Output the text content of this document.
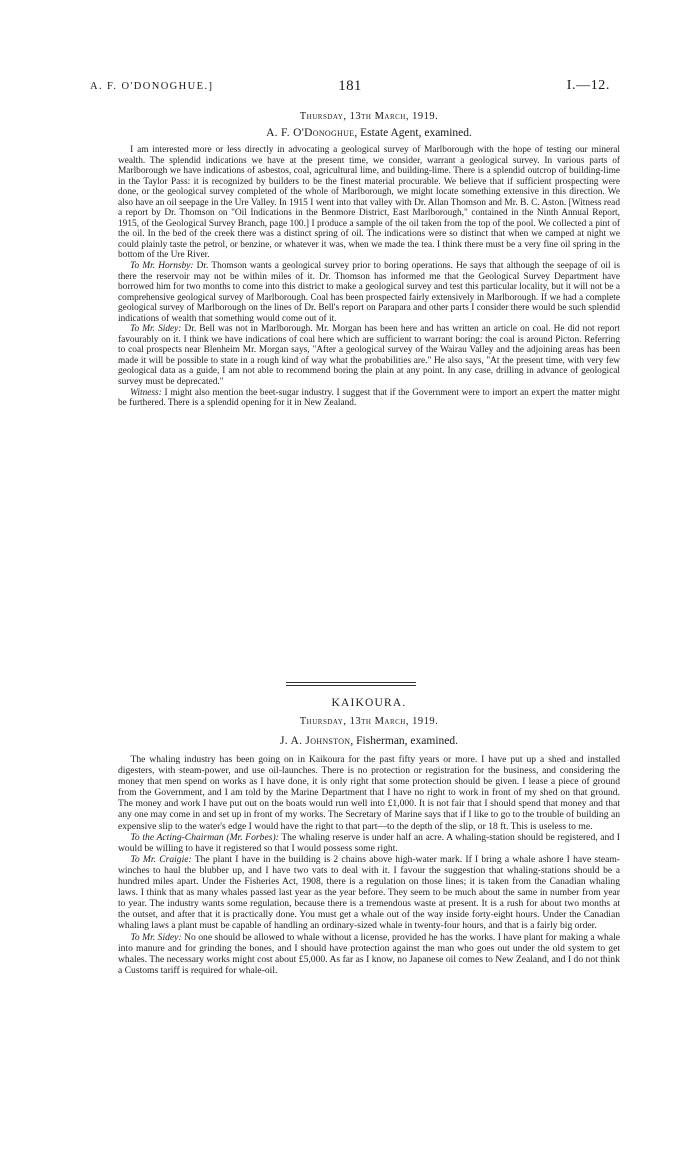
A. F. O'DONOGHUE.]	181	I.—12.
Thursday, 13th March, 1919.
A. F. O'Donoghue, Estate Agent, examined.

I am interested more or less directly in advocating a geological survey of Marlborough with the hope of testing our mineral wealth. The splendid indications we have at the present time, we consider, warrant a geological survey. In various parts of Marlborough we have indications of asbestos, coal, agricultural lime, and building-lime. There is a splendid outcrop of building-lime in the Taylor Pass: it is recognized by builders to be the finest material procurable. We believe that if sufficient prospecting were done, or the geological survey completed of the whole of Marlborough, we might locate something extensive in this direction. We also have an oil seepage in the Ure Valley. In 1915 I went into that valley with Dr. Allan Thomson and Mr. B. C. Aston. [Witness read a report by Dr. Thomson on "Oil Indications in the Benmore District, East Marlborough," contained in the Ninth Annual Report, 1915, of the Geological Survey Branch, page 100.] I produce a sample of the oil taken from the top of the pool. We collected a pint of the oil. In the bed of the creek there was a distinct spring of oil. The indications were so distinct that when we camped at night we could plainly taste the petrol, or benzine, or whatever it was, when we made the tea. I think there must be a very fine oil spring in the bottom of the Ure River.

To Mr. Hornsby: Dr. Thomson wants a geological survey prior to boring operations. He says that although the seepage of oil is there the reservoir may not be within miles of it. Dr. Thomson has informed me that the Geological Survey Department have borrowed him for two months to come into this district to make a geological survey and test this particular locality, but it will not be a comprehensive geological survey of Marlborough. Coal has been prospected fairly extensively in Marlborough. If we had a complete geological survey of Marlborough on the lines of Dr. Bell's report on Parapara and other parts I consider there would be such splendid indications of wealth that something would come out of it.

To Mr. Sidey: Dr. Bell was not in Marlborough. Mr. Morgan has been here and has written an article on coal. He did not report favourably on it. I think we have indications of coal here which are sufficient to warrant boring: the coal is around Picton. Referring to coal prospects near Blenheim Mr. Morgan says, "After a geological survey of the Wairau Valley and the adjoining areas has been made it will be possible to state in a rough kind of way what the probabilities are." He also says, "At the present time, with very few geological data as a guide, I am not able to recommend boring the plain at any point. In any case, drilling in advance of geological survey must be deprecated."

Witness: I might also mention the beet-sugar industry. I suggest that if the Government were to import an expert the matter might be furthered. There is a splendid opening for it in New Zealand.

KAIKOURA.
Thursday, 13th March, 1919.
J. A. Johnston, Fisherman, examined.

The whaling industry has been going on in Kaikoura for the past fifty years or more. I have put up a shed and installed digesters, with steam-power, and use oil-launches. There is no protection or registration for the business, and considering the money that men spend on works as I have done, it is only right that some protection should be given. I lease a piece of ground from the Government, and I am told by the Marine Department that I have no right to work in front of my shed on that ground. The money and work I have put out on the boats would run well into £1,000. It is not fair that I should spend that money and that any one may come in and set up in front of my works. The Secretary of Marine says that if I like to go to the trouble of building an expensive slip to the water's edge I would have the right to that part—to the depth of the slip, or 18 ft. This is useless to me.

To the Acting-Chairman (Mr. Forbes): The whaling reserve is under half an acre. A whaling-station should be registered, and I would be willing to have it registered so that I would possess some right.

To Mr. Craigie: The plant I have in the building is 2 chains above high-water mark. If I bring a whale ashore I have steam-winches to haul the blubber up, and I have two vats to deal with it. I favour the suggestion that whaling-stations should be a hundred miles apart. Under the Fisheries Act, 1908, there is a regulation on those lines; it is taken from the Canadian whaling laws. I think that as many whales passed last year as the year before. They seem to be much about the same in number from year to year. The industry wants some regulation, because there is a tremendous waste at present. It is a rush for about two months at the outset, and after that it is practically done. You must get a whale out of the way inside forty-eight hours. Under the Canadian whaling laws a plant must be capable of handling an ordinary-sized whale in twenty-four hours, and that is a fairly big order.

To Mr. Sidey: No one should be allowed to whale without a license, provided he has the works. I have plant for making a whale into manure and for grinding the bones, and I should have protection against the man who goes out under the old system to get whales. The necessary works might cost about £5,000. As far as I know, no Japanese oil comes to New Zealand, and I do not think a Customs tariff is required for whale-oil.
